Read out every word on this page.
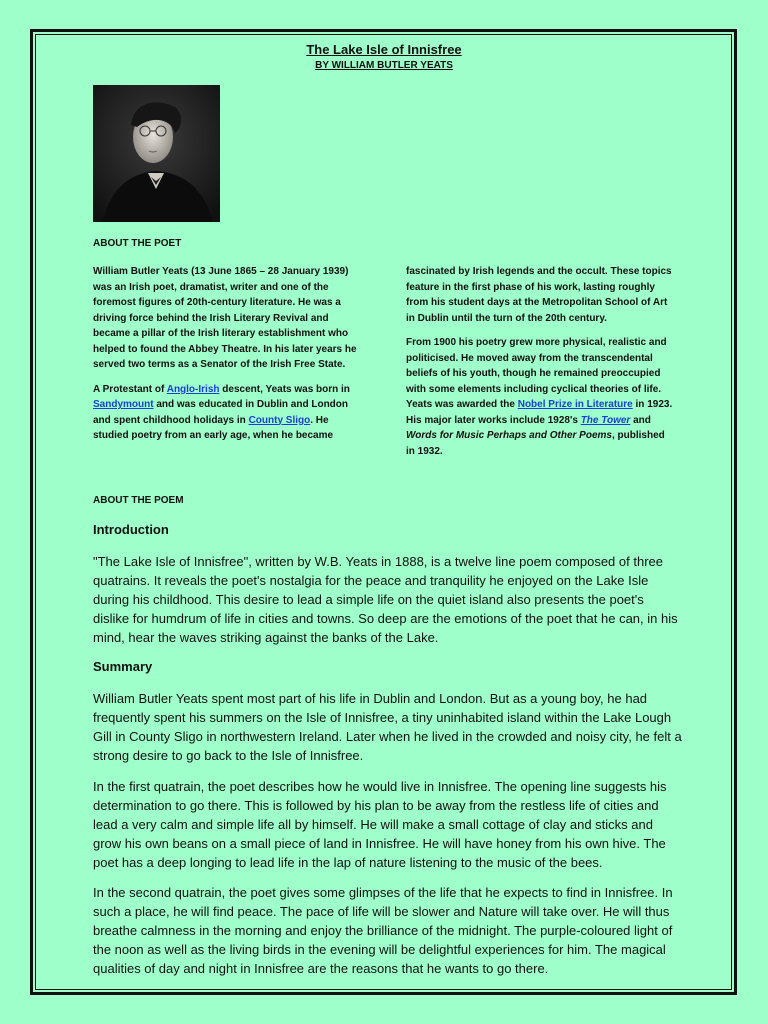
The Lake Isle of Innisfree
BY WILLIAM BUTLER YEATS
ABOUT THE POET

William Butler Yeats (13 June 1865 – 28 January 1939) was an Irish poet, dramatist, writer and one of the foremost figures of 20th-century literature. He was a driving force behind the Irish Literary Revival and became a pillar of the Irish literary establishment who helped to found the Abbey Theatre. In his later years he served two terms as a Senator of the Irish Free State.

A Protestant of Anglo-Irish descent, Yeats was born in Sandymount and was educated in Dublin and London and spent childhood holidays in County Sligo. He studied poetry from an early age, when he became

fascinated by Irish legends and the occult. These topics feature in the first phase of his work, lasting roughly from his student days at the Metropolitan School of Art in Dublin until the turn of the 20th century.

From 1900 his poetry grew more physical, realistic and politicised. He moved away from the transcendental beliefs of his youth, though he remained preoccupied with some elements including cyclical theories of life. Yeats was awarded the Nobel Prize in Literature in 1923. His major later works include 1928's The Tower and Words for Music Perhaps and Other Poems, published in 1932.

ABOUT THE POEM
Introduction

"The Lake Isle of Innisfree", written by W.B. Yeats in 1888, is a twelve line poem composed of three quatrains. It reveals the poet's nostalgia for the peace and tranquility he enjoyed on the Lake Isle during his childhood. This desire to lead a simple life on the quiet island also presents the poet's dislike for humdrum of life in cities and towns. So deep are the emotions of the poet that he can, in his mind, hear the waves striking against the banks of the Lake.

Summary

William Butler Yeats spent most part of his life in Dublin and London. But as a young boy, he had frequently spent his summers on the Isle of Innisfree, a tiny uninhabited island within the Lake Lough Gill in County Sligo in northwestern Ireland. Later when he lived in the crowded and noisy city, he felt a strong desire to go back to the Isle of Innisfree.

In the first quatrain, the poet describes how he would live in Innisfree. The opening line suggests his determination to go there. This is followed by his plan to be away from the restless life of cities and lead a very calm and simple life all by himself. He will make a small cottage of clay and sticks and grow his own beans on a small piece of land in Innisfree. He will have honey from his own hive. The poet has a deep longing to lead life in the lap of nature listening to the music of the bees.

In the second quatrain, the poet gives some glimpses of the life that he expects to find in Innisfree. In such a place, he will find peace. The pace of life will be slower and Nature will take over. He will thus breathe calmness in the morning and enjoy the brilliance of the midnight. The purple-coloured light of the noon as well as the living birds in the evening will be delightful experiences for him. The magical qualities of day and night in Innisfree are the reasons that he wants to go there.
